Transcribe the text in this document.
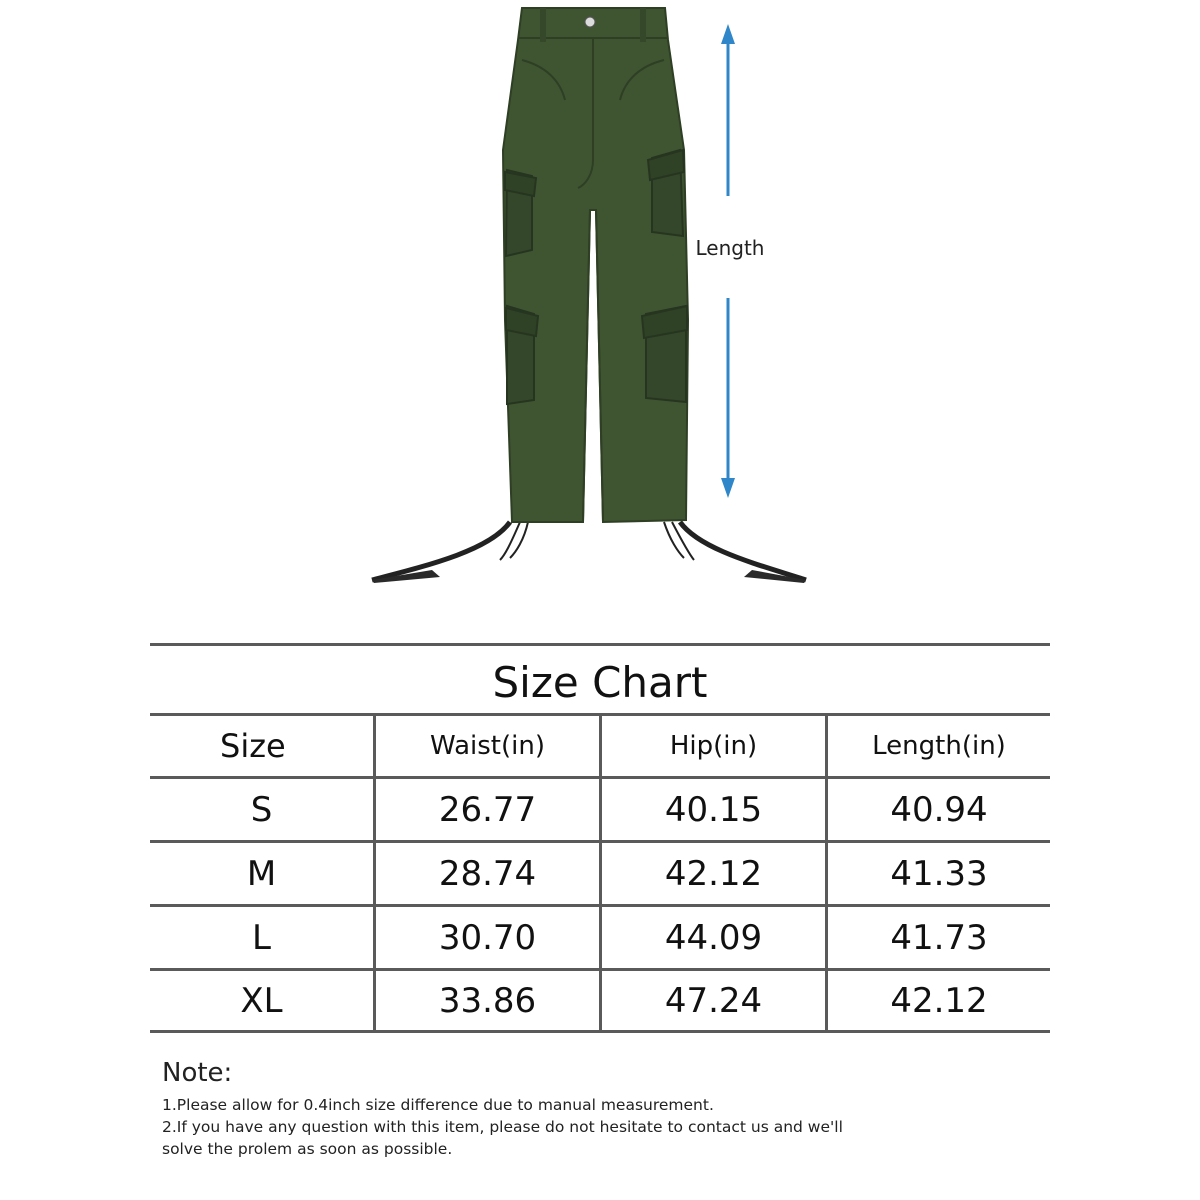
Length
Size Chart
Size	Waist(in)	Hip(in)	Length(in)
S	26.77	40.15	40.94
M	28.74	42.12	41.33
L	30.70	44.09	41.73
XL	33.86	47.24	42.12

Note:

1.Please allow for 0.4inch size difference due to manual measurement.

2.If you have any question with this item, please do not hesitate to contact us and we'll

solve the prolem as soon as possible.
